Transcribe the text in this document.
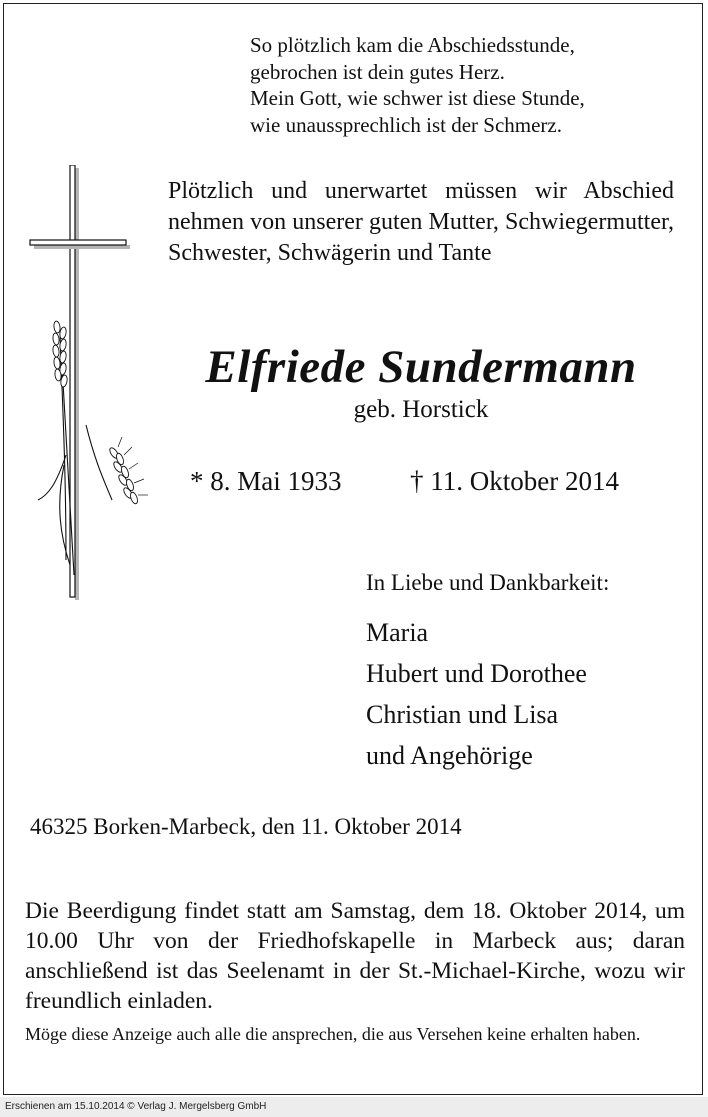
So plötzlich kam die Abschiedsstunde,
gebrochen ist dein gutes Herz.
Mein Gott, wie schwer ist diese Stunde,
wie unaussprechlich ist der Schmerz.
Plötzlich und unerwartet müssen wir Abschied nehmen von unserer guten Mutter, Schwiegermutter, Schwester, Schwägerin und Tante
Elfriede Sundermann
geb. Horstick
* 8. Mai 1933	† 11. Oktober 2014
In Liebe und Dankbarkeit:
Maria
Hubert und Dorothee
Christian und Lisa
und Angehörige
46325 Borken-Marbeck, den 11. Oktober 2014
Die Beerdigung findet statt am Samstag, dem 18. Oktober 2014, um 10.00 Uhr von der Friedhofskapelle in Marbeck aus; daran anschließend ist das Seelenamt in der St.-Michael-Kirche, wozu wir freundlich einladen.
Möge diese Anzeige auch alle die ansprechen, die aus Versehen keine erhalten haben.
Erschienen am 15.10.2014 © Verlag J. Mergelsberg GmbH
